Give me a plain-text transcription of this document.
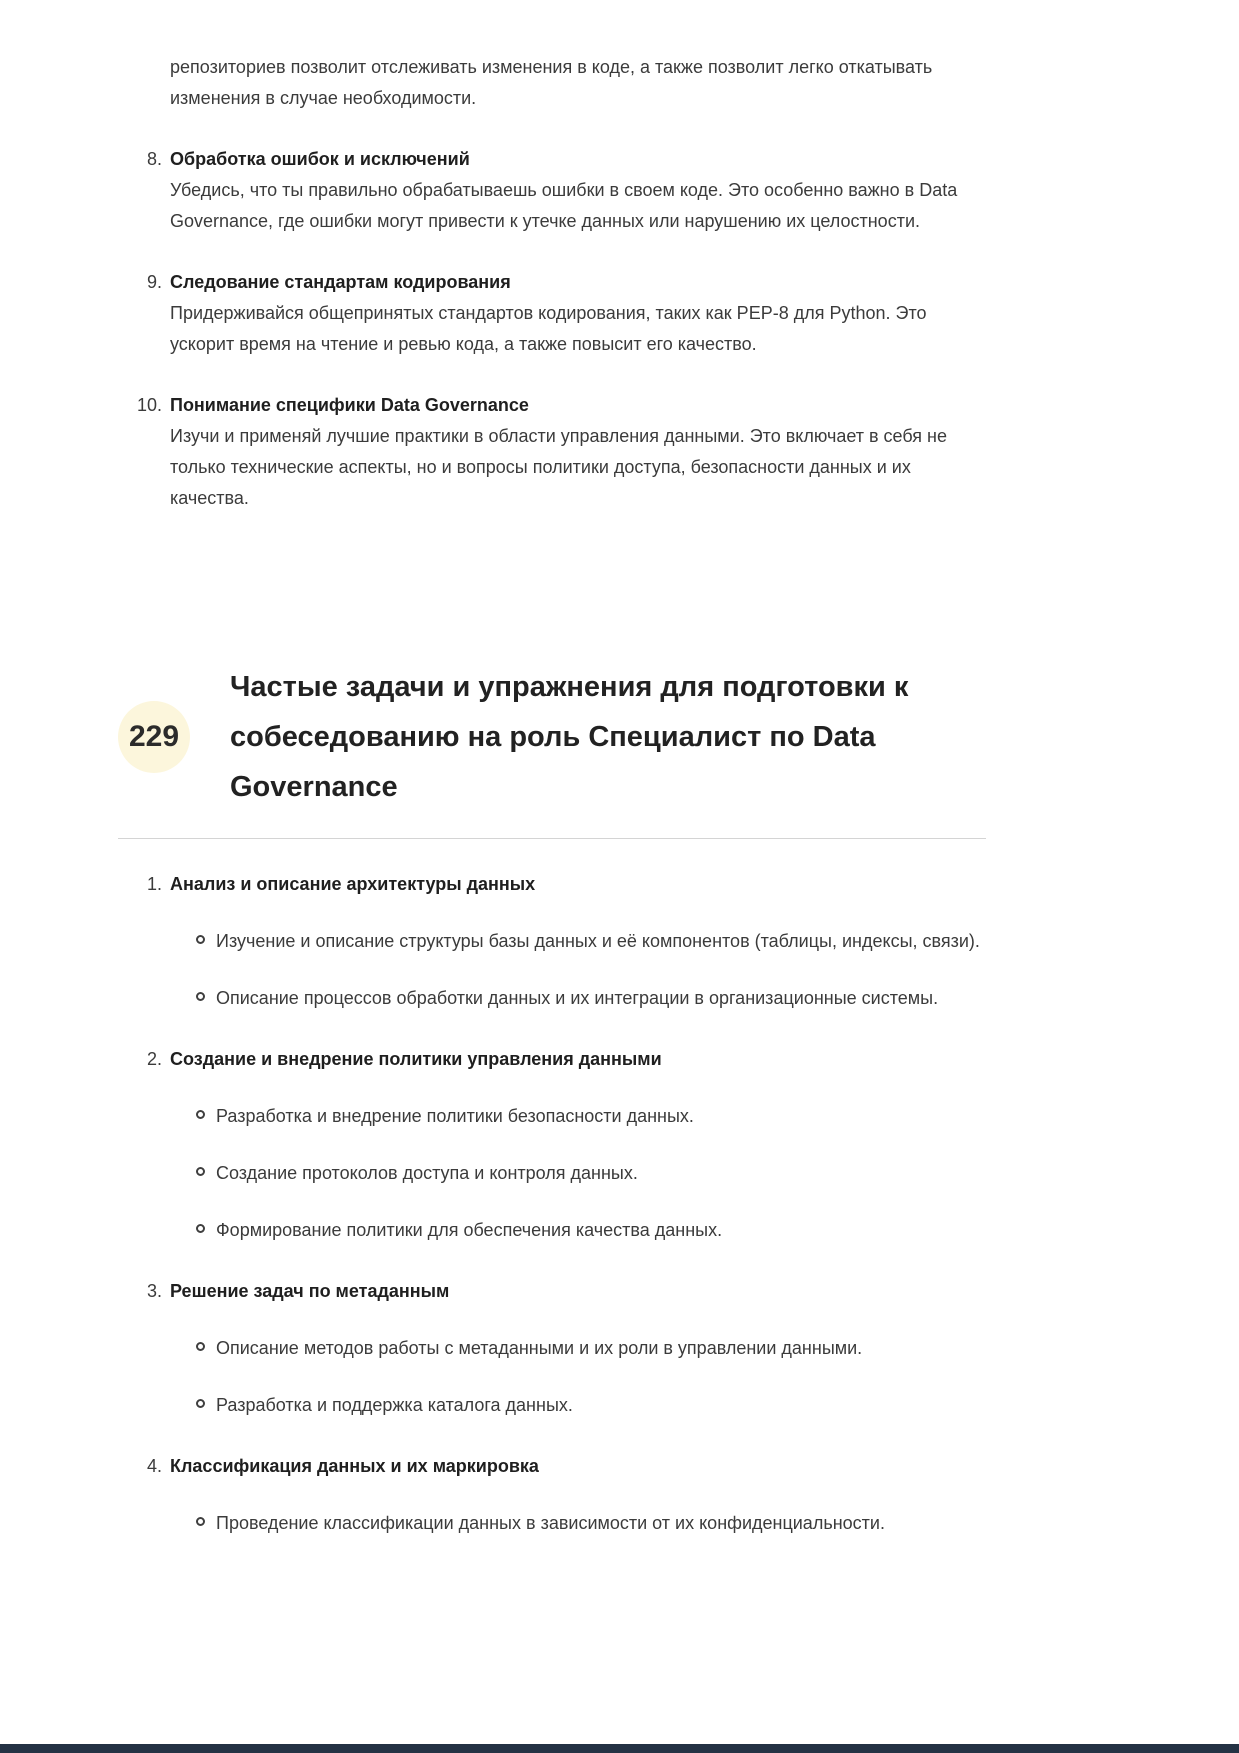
репозиториев позволит отслеживать изменения в коде, а также позволит легко откатывать изменения в случае необходимости.

8. Обработка ошибок и исключений
Убедись, что ты правильно обрабатываешь ошибки в своем коде. Это особенно важно в Data Governance, где ошибки могут привести к утечке данных или нарушению их целостности.
9. Следование стандартам кодирования
Придерживайся общепринятых стандартов кодирования, таких как PEP-8 для Python. Это ускорит время на чтение и ревью кода, а также повысит его качество.
10. Понимание специфики Data Governance
Изучи и применяй лучшие практики в области управления данными. Это включает в себя не только технические аспекты, но и вопросы политики доступа, безопасности данных и их качества.
229
Частые задачи и упражнения для подготовки к собеседованию на роль Специалист по Data Governance
1. Анализ и описание архитектуры данных
Изучение и описание структуры базы данных и её компонентов (таблицы, индексы, связи).
Описание процессов обработки данных и их интеграции в организационные системы.
2. Создание и внедрение политики управления данными
Разработка и внедрение политики безопасности данных.
Создание протоколов доступа и контроля данных.
Формирование политики для обеспечения качества данных.
3. Решение задач по метаданным
Описание методов работы с метаданными и их роли в управлении данными.
Разработка и поддержка каталога данных.
4. Классификация данных и их маркировка
Проведение классификации данных в зависимости от их конфиденциальности.
